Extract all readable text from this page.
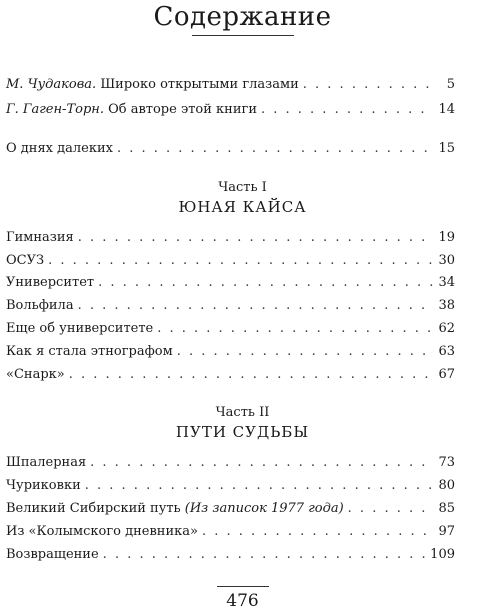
Содержание
М. Чудакова. Широко открытыми глазами . . .	5
Г. Гаген-Торн. Об авторе этой книги . . .	14
О днях далеких . . .	15
Часть I
ЮНАЯ КАЙСА
Гимназия . . .	19
ОСУЗ . . .	30
Университет . . .	34
Вольфила . . .	38
Еще об университете . . .	62
Как я стала этнографом . . .	63
«Снарк» . . .	67
Часть II
ПУТИ СУДЬБЫ
Шпалерная . . .	73
Чуриковки . . .	80
Великий Сибирский путь (Из записок 1977 года) . . .	85
Из «Колымского дневника» . . .	97
Возвращение . . .	109
476
